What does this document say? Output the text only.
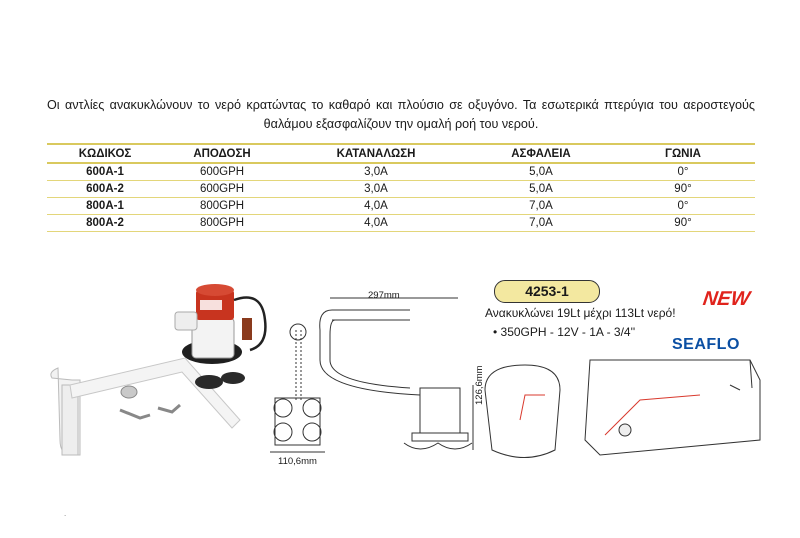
Οι αντλίες ανακυκλώνουν το νερό κρατώντας το καθαρό και πλούσιο σε οξυγόνο. Τα εσωτερικά πτερύγια του αεροστεγούς θαλάμου εξασφαλίζουν την ομαλή ροή του νερού.
ΚΩΔΙΚΟΣ	ΑΠΟΔΟΣΗ	ΚΑΤΑΝΑΛΩΣΗ	ΑΣΦΑΛΕΙΑ	ΓΩΝΙΑ
600A-1	600GPH	3,0A	5,0A	0°
600A-2	600GPH	3,0A	5,0A	90°
800A-1	800GPH	4,0A	7,0A	0°
800A-2	800GPH	4,0A	7,0A	90°
297mm
126,6mm
110,6mm
4253-1	NEW
Ανακυκλώνει 19Lt μέχρι 113Lt νερό!
• 350GPH - 12V - 1A - 3/4''
SEAFLO
.
